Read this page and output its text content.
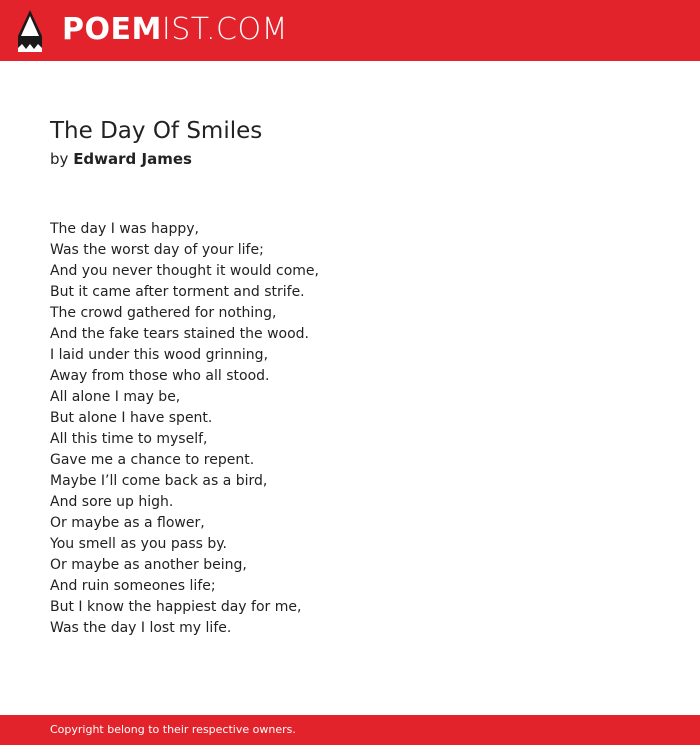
POEMIST.COM
The Day Of Smiles
by Edward James
The day I was happy,
Was the worst day of your life;
And you never thought it would come,
But it came after torment and strife.
The crowd gathered for nothing,
And the fake tears stained the wood.
I laid under this wood grinning,
Away from those who all stood.
All alone I may be,
But alone I have spent.
All this time to myself,
Gave me a chance to repent.
Maybe I’ll come back as a bird,
And sore up high.
Or maybe as a flower,
You smell as you pass by.
Or maybe as another being,
And ruin someones life;
But I know the happiest day for me,
Was the day I lost my life.
Copyright belong to their respective owners.
